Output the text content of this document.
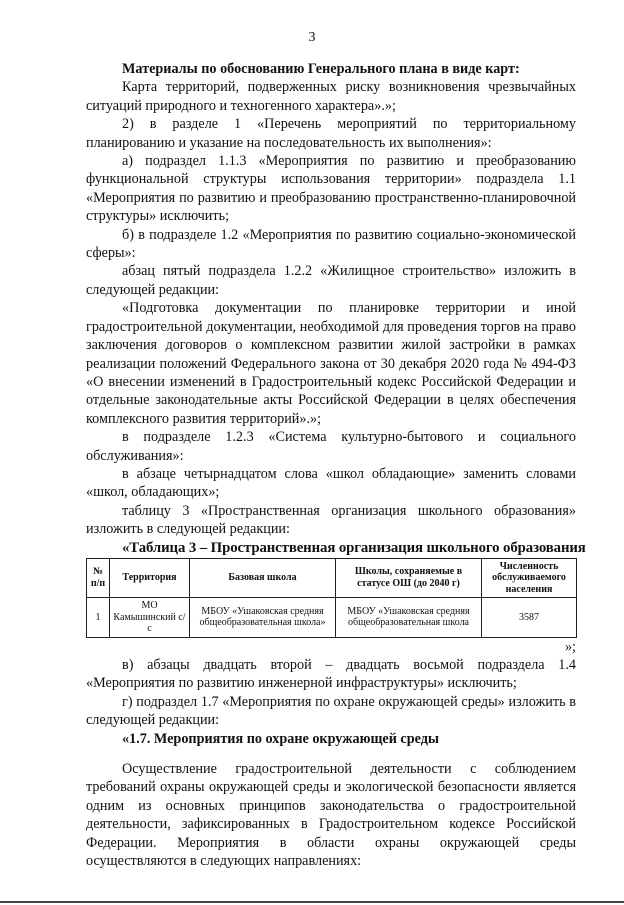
3

Материалы по обоснованию Генерального плана в виде карт:

Карта территорий, подверженных риску возникновения чрезвычайных ситуаций природного и техногенного характера».»;

2) в разделе 1 «Перечень мероприятий по территориальному планированию и указание на последовательность их выполнения»:

а) подраздел 1.1.3 «Мероприятия по развитию и преобразованию функциональной структуры использования территории» подраздела 1.1 «Мероприятия по развитию и преобразованию пространственно-планировочной структуры» исключить;

б) в подразделе 1.2 «Мероприятия по развитию социально-экономической сферы»:

абзац пятый подраздела 1.2.2 «Жилищное строительство» изложить в следующей редакции:

«Подготовка документации по планировке территории и иной градостроительной документации, необходимой для проведения торгов на право заключения договоров о комплексном развитии жилой застройки в рамках реализации положений Федерального закона от 30 декабря 2020 года № 494-ФЗ «О внесении изменений в Градостроительный кодекс Российской Федерации и отдельные законодательные акты Российской Федерации в целях обеспечения комплексного развития территорий».»;

в подразделе 1.2.3 «Система культурно-бытового и социального обслуживания»:

в абзаце четырнадцатом слова «школ обладающие» заменить словами «школ, обладающих»;

таблицу 3 «Пространственная организация школьного образования» изложить в следующей редакции:

«Таблица 3 – Пространственная организация школьного образования

№ п/п	Территория	Базовая школа	Школы, сохраняемые в статусе ОШ (до 2040 г)	Численность обслуживаемого населения
1	МО Камышинский с/с	МБОУ «Ушаковская средняя общеобразовательная школа»	МБОУ «Ушаковская средняя общеобразовательная школа	3587

»;

в) абзацы двадцать второй – двадцать восьмой подраздела 1.4 «Мероприятия по развитию инженерной инфраструктуры» исключить;

г) подраздел 1.7 «Мероприятия по охране окружающей среды» изложить в следующей редакции:

«1.7. Мероприятия по охране окружающей среды

Осуществление градостроительной деятельности с соблюдением требований охраны окружающей среды и экологической безопасности является одним из основных принципов законодательства о градостроительной деятельности, зафиксированных в Градостроительном кодексе Российской Федерации. Мероприятия в области охраны окружающей среды осуществляются в следующих направлениях:
